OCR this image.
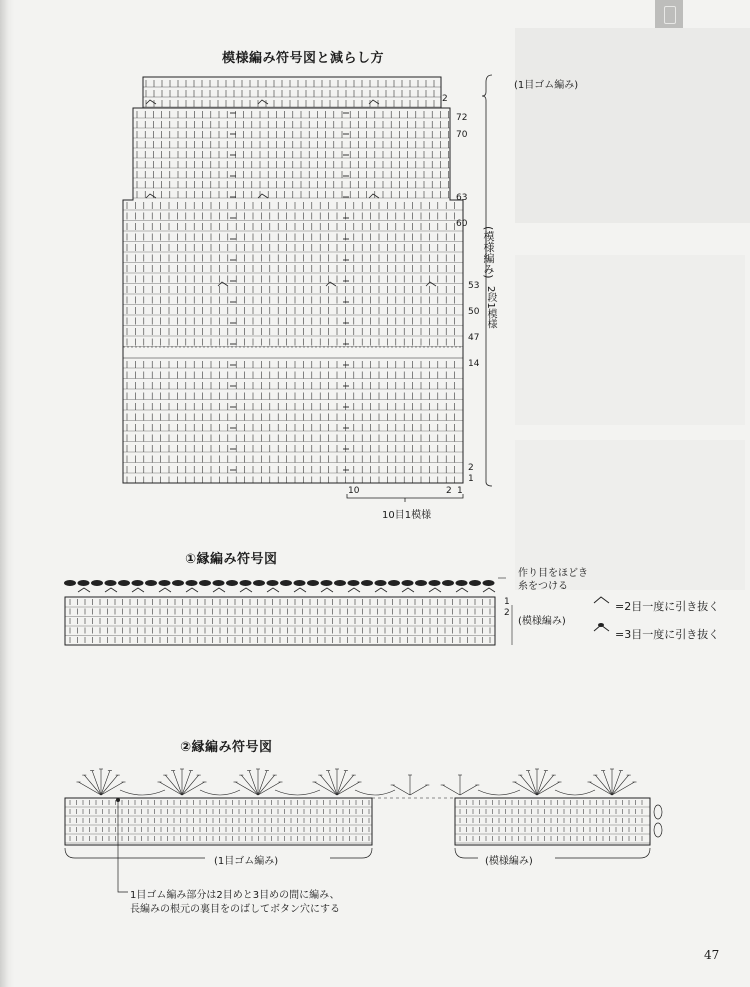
模様編み符号図と減らし方
(1目ゴム編み)
(模様編み)
2段1模様
2
72
70
63
60
53
50
47
14
2
1
10	2 1
10目1模様
①縁編み符号図
作り目をほどき
糸をつける
1
2
(模様編み)
=2目一度に引き抜く
=3目一度に引き抜く
②縁編み符号図
(1目ゴム編み)	(模様編み)
1目ゴム編み部分は2目めと3目めの間に編み、
長編みの根元の裏目をのばしてボタン穴にする
47
